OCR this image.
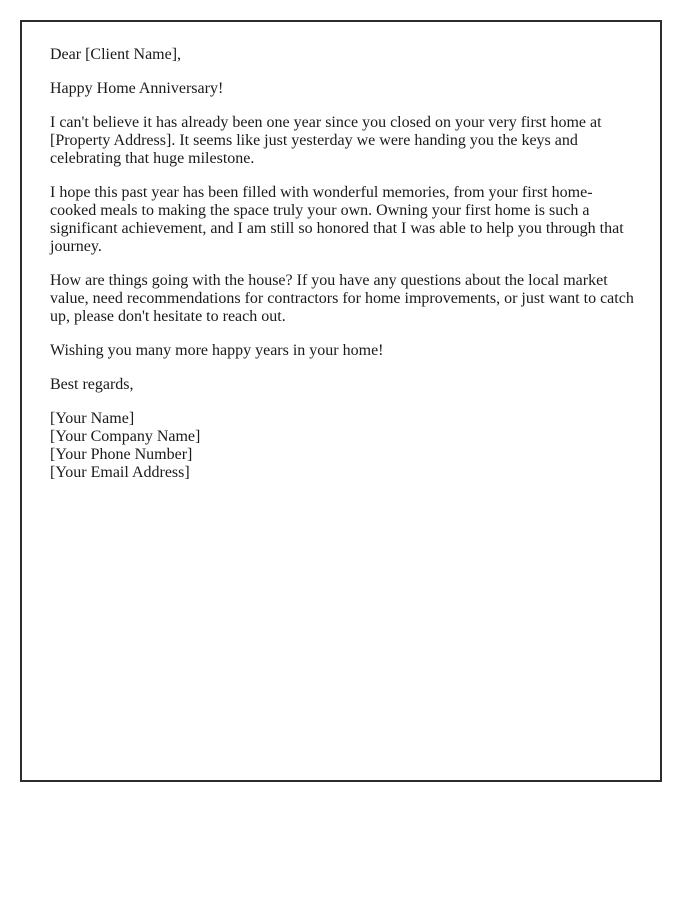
Dear [Client Name],

Happy Home Anniversary!

I can't believe it has already been one year since you closed on your very first home at [Property Address]. It seems like just yesterday we were handing you the keys and celebrating that huge milestone.

I hope this past year has been filled with wonderful memories, from your first home-cooked meals to making the space truly your own. Owning your first home is such a significant achievement, and I am still so honored that I was able to help you through that journey.

How are things going with the house? If you have any questions about the local market value, need recommendations for contractors for home improvements, or just want to catch up, please don't hesitate to reach out.

Wishing you many more happy years in your home!

Best regards,

[Your Name]
[Your Company Name]
[Your Phone Number]
[Your Email Address]
